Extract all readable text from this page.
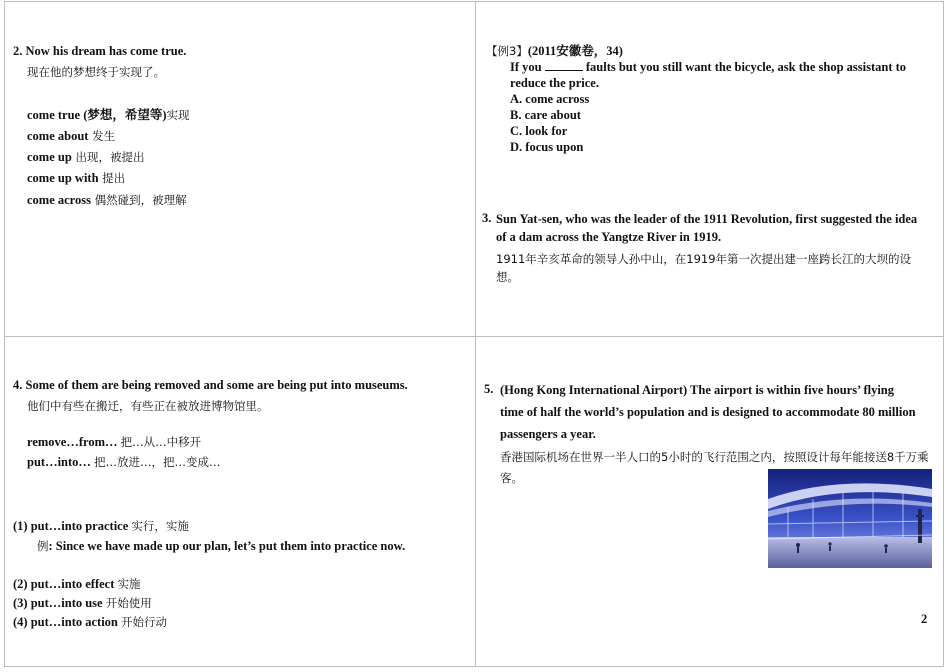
2. Now his dream has come true.
现在他的梦想终于实现了。
come true (梦想，希望等)实现
come about 发生
come up 出现，被提出
come up with 提出
come across 偶然碰到，被理解
【例3】(2011安徽卷，34)
If you	faults but you still want the bicycle, ask the shop assistant to reduce the price.
A. come across
B. care about
C. look for
D. focus upon
3. Sun Yat-sen, who was the leader of the 1911 Revolution, first suggested the idea of a dam across the Yangtze River in 1919.
1911年辛亥革命的领导人孙中山，在1919年第一次提出建一座跨长江的大坝的设想。
4. Some of them are being removed and some are being put into museums.
他们中有些在搬迁，有些正在被放进博物馆里。
remove…from… 把…从…中移开
put…into… 把…放进…，把…变成…
(1) put…into practice 实行，实施
例: Since we have made up our plan, let’s put them into practice now.
(2) put…into effect 实施
(3) put…into use 开始使用
(4) put…into action 开始行动
5. (Hong Kong International Airport) The airport is within five hours’ flying time of half the world’s population and is designed to accommodate 80 million passengers a year.
香港国际机场在世界一半人口的5小时的飞行范围之内，按照设计每年能接送8千万乘客。
2
